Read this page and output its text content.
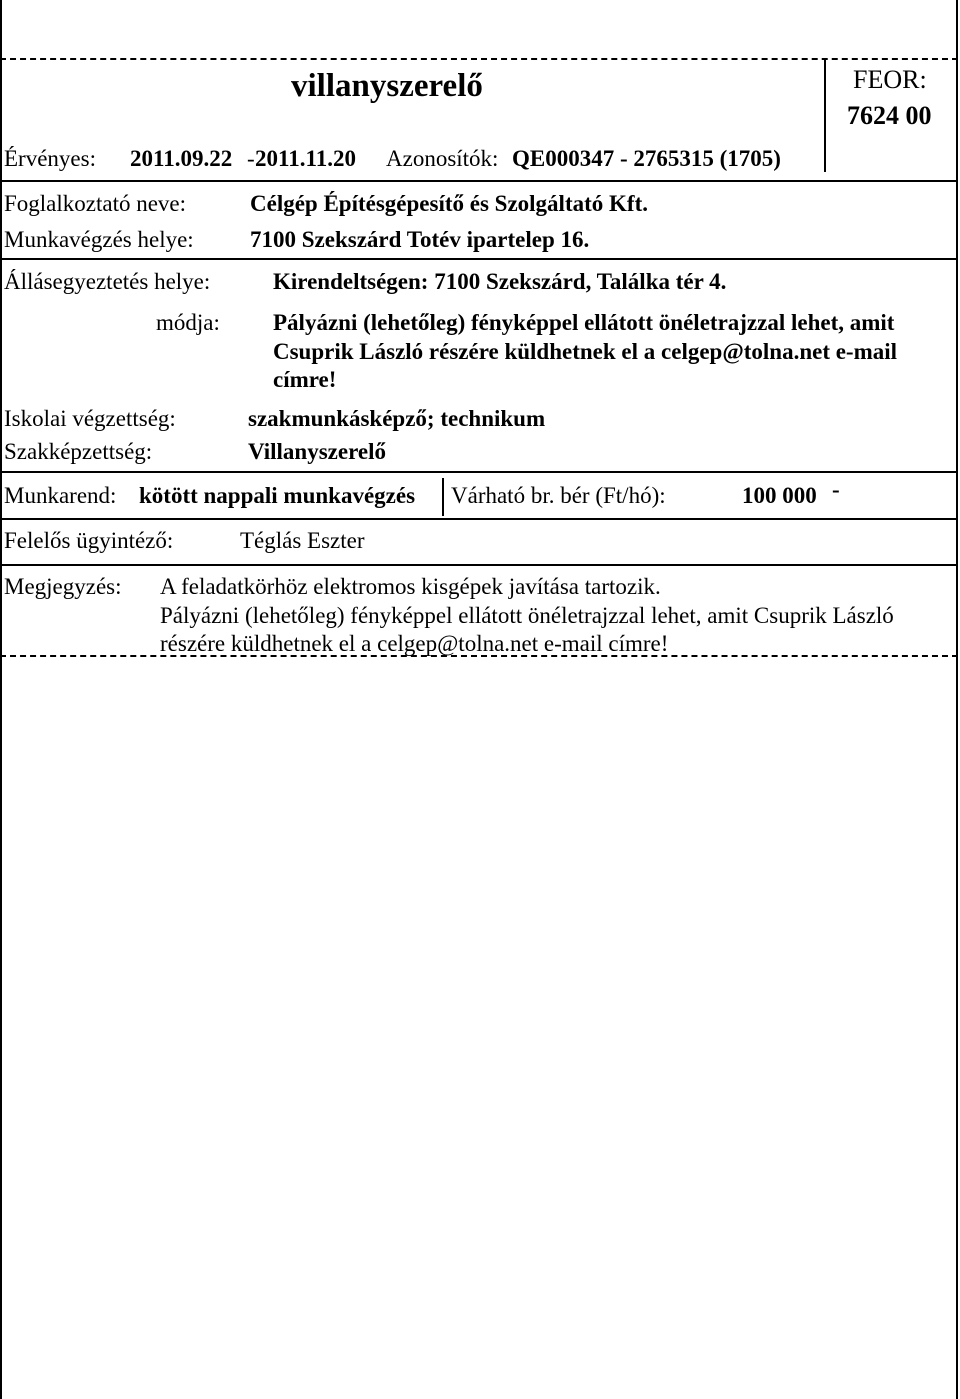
villanyszerelő	FEOR:
7624 00
Érvényes: 2011.09.22 - 2011.11.20 Azonosítók: QE000347 - 2765315 (1705)
Foglalkoztató neve:	Célgép Építésgépesítő és Szolgáltató Kft.
Munkavégzés helye: 7100 Szekszárd Totév ipartelep 16.
Állásegyeztetés helye:	Kirendeltségen: 7100 Szekszárd, Találka tér 4.
módja: Pályázni (lehetőleg) fényképpel ellátott önéletrajzzal lehet, amit
Csuprik László részére küldhetnek el a celgep@tolna.net e-mail
címre!
Iskolai végzettség:	szakmunkásképző; technikum
Szakképzettség:	Villanyszerelő
Munkarend: kötött nappali munkavégzés Várható br. bér (Ft/hó):	100 000 -
Felelős ügyintéző:	Téglás Eszter
Megjegyzés: A feladatkörhöz elektromos kisgépek javítása tartozik.
Pályázni (lehetőleg) fényképpel ellátott önéletrajzzal lehet, amit Csuprik László
részére küldhetnek el a celgep@tolna.net e-mail címre!
